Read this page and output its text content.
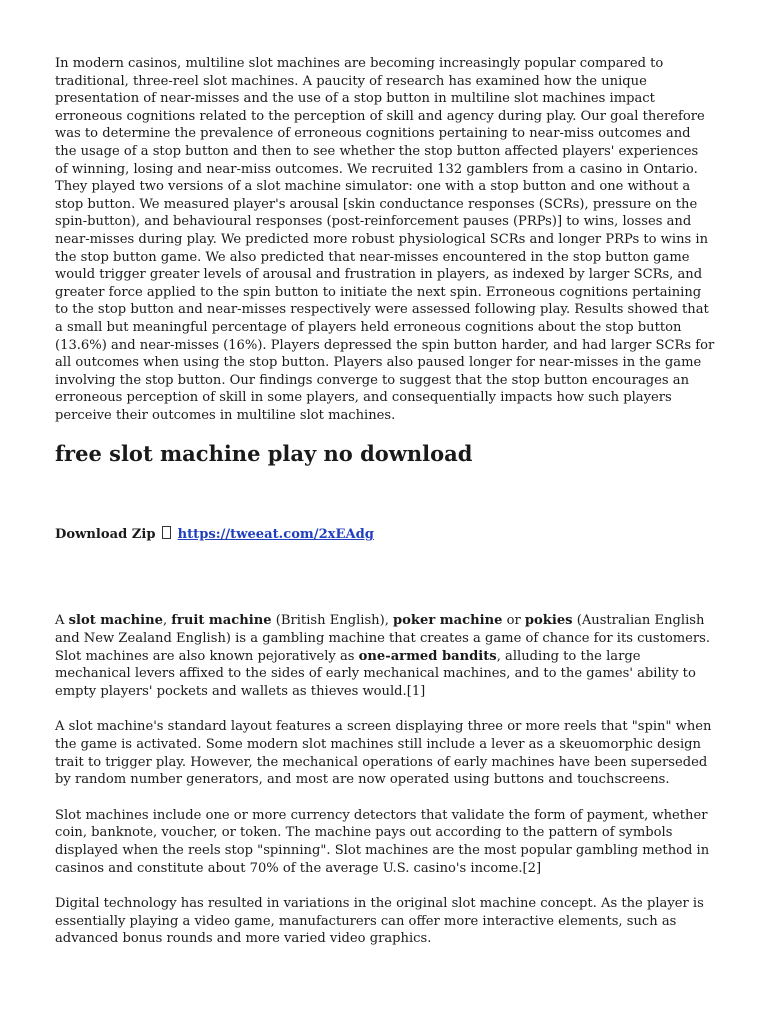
In modern casinos, multiline slot machines are becoming increasingly popular compared to traditional, three-reel slot machines. A paucity of research has examined how the unique presentation of near-misses and the use of a stop button in multiline slot machines impact erroneous cognitions related to the perception of skill and agency during play. Our goal therefore was to determine the prevalence of erroneous cognitions pertaining to near-miss outcomes and the usage of a stop button and then to see whether the stop button affected players' experiences of winning, losing and near-miss outcomes. We recruited 132 gamblers from a casino in Ontario. They played two versions of a slot machine simulator: one with a stop button and one without a stop button. We measured player's arousal [skin conductance responses (SCRs), pressure on the spin-button), and behavioural responses (post-reinforcement pauses (PRPs)] to wins, losses and near-misses during play. We predicted more robust physiological SCRs and longer PRPs to wins in the stop button game. We also predicted that near-misses encountered in the stop button game would trigger greater levels of arousal and frustration in players, as indexed by larger SCRs, and greater force applied to the spin button to initiate the next spin. Erroneous cognitions pertaining to the stop button and near-misses respectively were assessed following play. Results showed that a small but meaningful percentage of players held erroneous cognitions about the stop button (13.6%) and near-misses (16%). Players depressed the spin button harder, and had larger SCRs for all outcomes when using the stop button. Players also paused longer for near-misses in the game involving the stop button. Our findings converge to suggest that the stop button encourages an erroneous perception of skill in some players, and consequentially impacts how such players perceive their outcomes in multiline slot machines.

free slot machine play no download
Download Zip https://tweeat.com/2xEAdg

A slot machine, fruit machine (British English), poker machine or pokies (Australian English and New Zealand English) is a gambling machine that creates a game of chance for its customers. Slot machines are also known pejoratively as one-armed bandits, alluding to the large mechanical levers affixed to the sides of early mechanical machines, and to the games' ability to empty players' pockets and wallets as thieves would.[1]

A slot machine's standard layout features a screen displaying three or more reels that "spin" when the game is activated. Some modern slot machines still include a lever as a skeuomorphic design trait to trigger play. However, the mechanical operations of early machines have been superseded by random number generators, and most are now operated using buttons and touchscreens.

Slot machines include one or more currency detectors that validate the form of payment, whether coin, banknote, voucher, or token. The machine pays out according to the pattern of symbols displayed when the reels stop "spinning". Slot machines are the most popular gambling method in casinos and constitute about 70% of the average U.S. casino's income.[2]

Digital technology has resulted in variations in the original slot machine concept. As the player is essentially playing a video game, manufacturers can offer more interactive elements, such as advanced bonus rounds and more varied video graphics.
